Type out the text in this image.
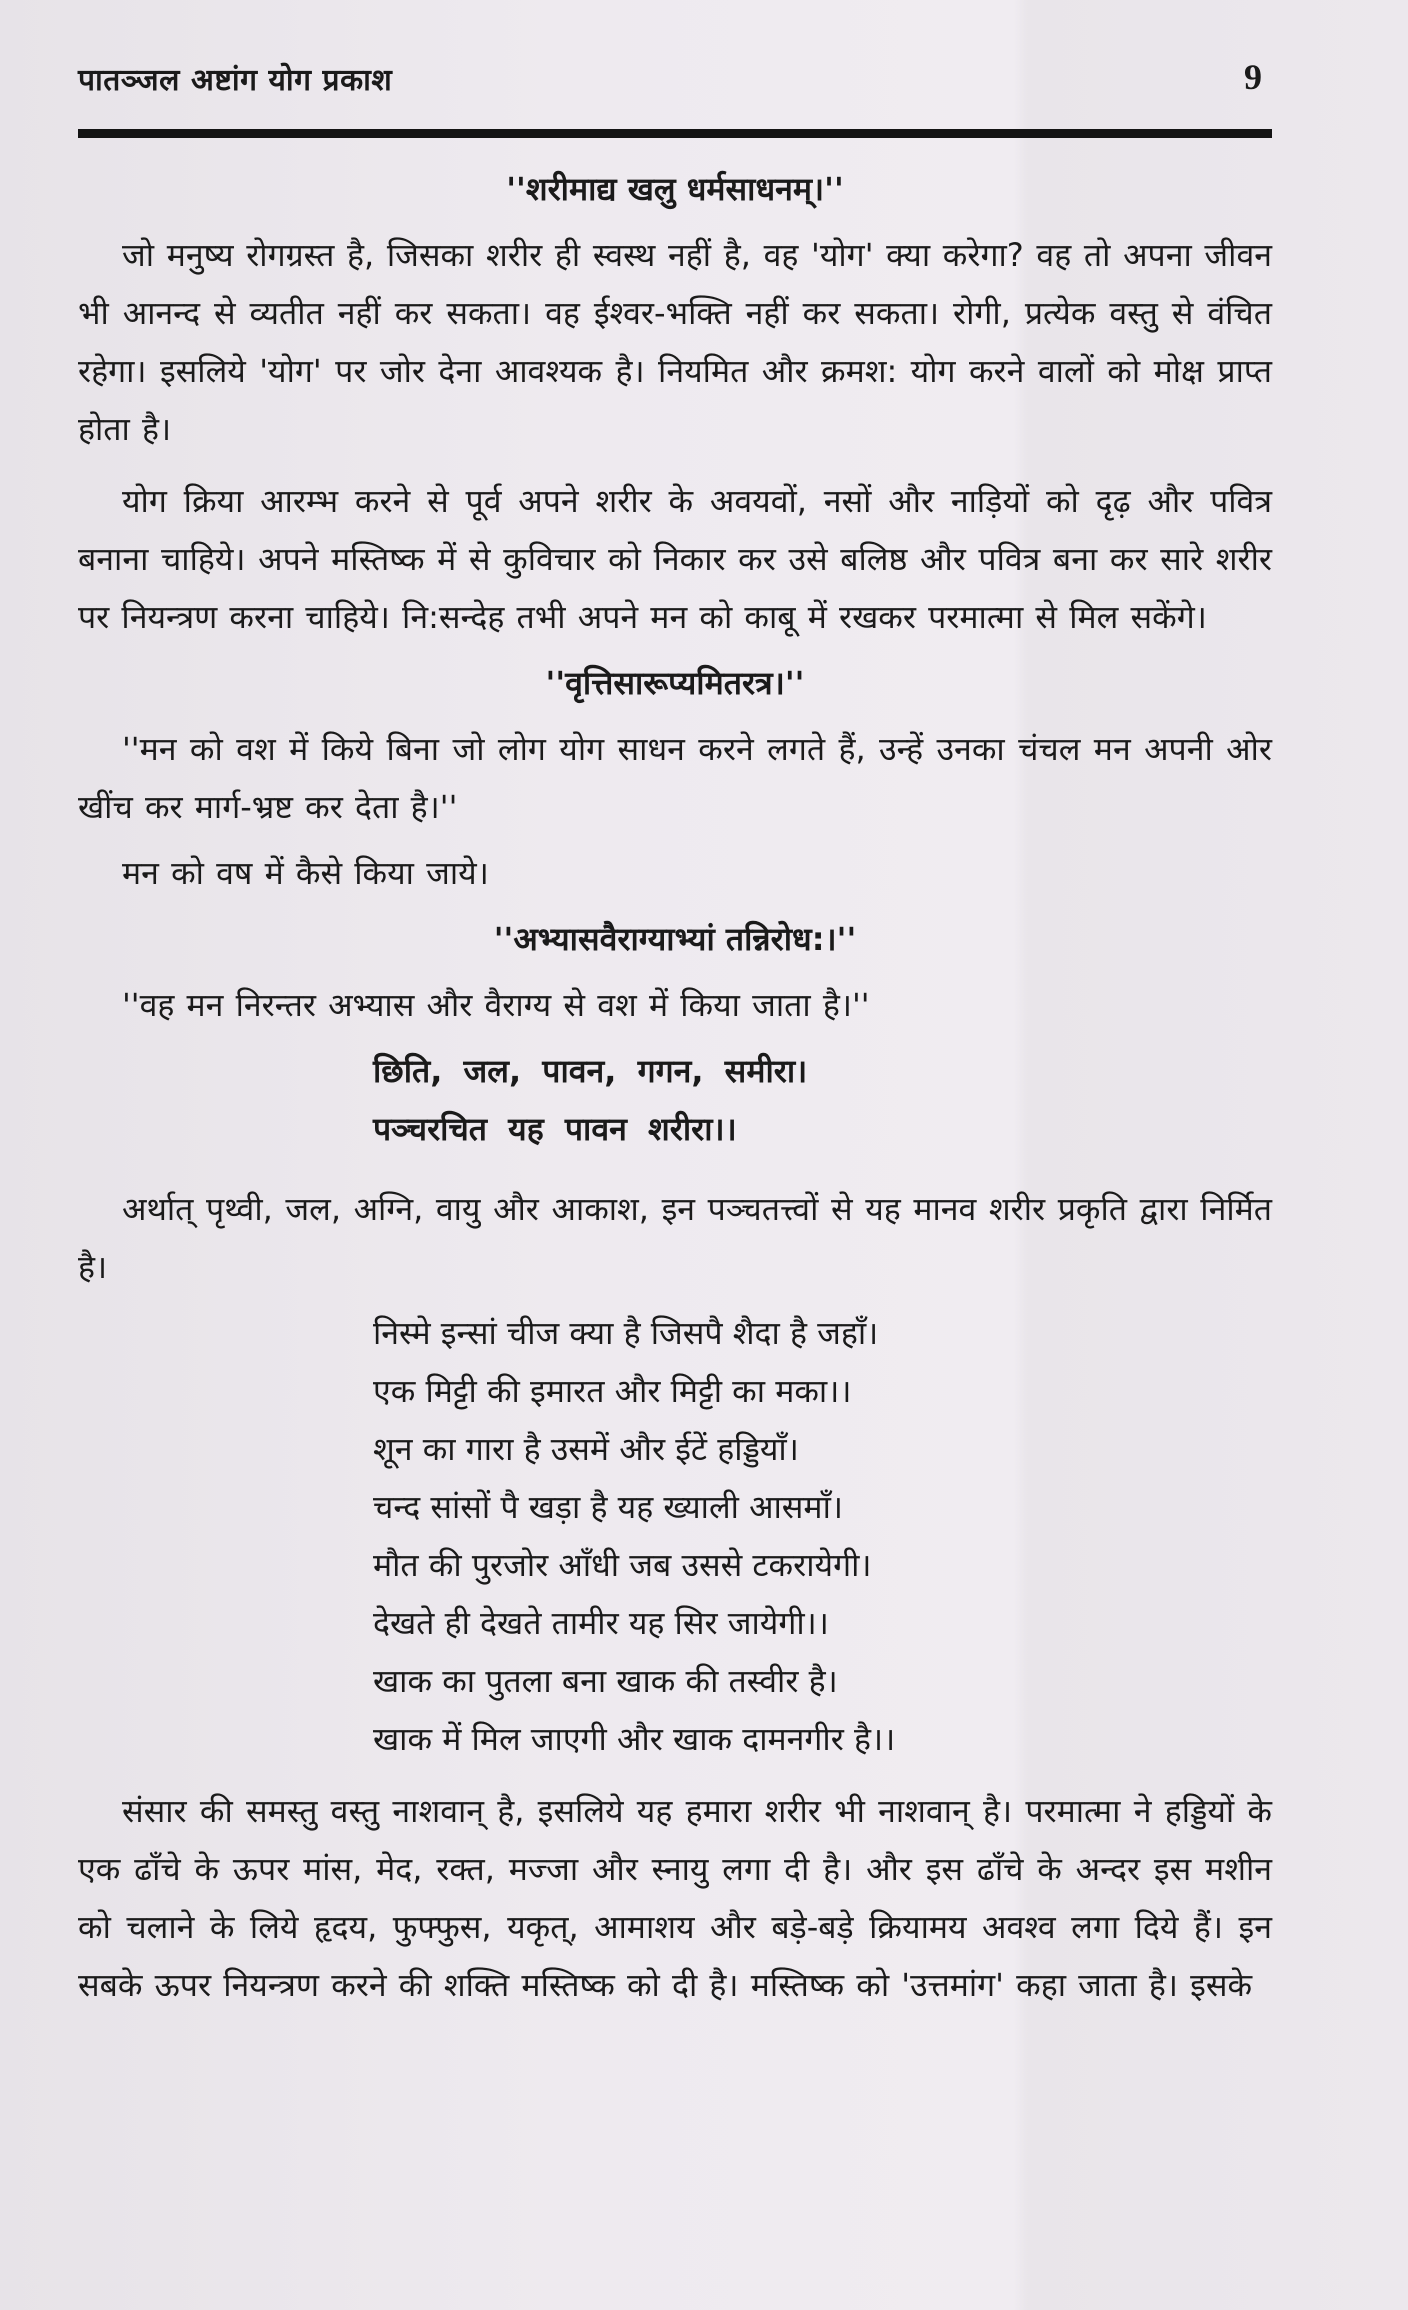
पातञ्जल अष्टांग योग प्रकाश	9

''शरीमाद्य खलु धर्मसाधनम्।''

जो मनुष्य रोगग्रस्त है, जिसका शरीर ही स्वस्थ नहीं है, वह 'योग' क्या करेगा? वह तो अपना जीवन भी आनन्द से व्यतीत नहीं कर सकता। वह ईश्वर-भक्ति नहीं कर सकता। रोगी, प्रत्येक वस्तु से वंचित रहेगा। इसलिये 'योग' पर जोर देना आवश्यक है। नियमित और क्रमश: योग करने वालों को मोक्ष प्राप्त होता है।

योग क्रिया आरम्भ करने से पूर्व अपने शरीर के अवयवों, नसों और नाड़ियों को दृढ़ और पवित्र बनाना चाहिये। अपने मस्तिष्क में से कुविचार को निकार कर उसे बलिष्ठ और पवित्र बना कर सारे शरीर पर नियन्त्रण करना चाहिये। नि:सन्देह तभी अपने मन को काबू में रखकर परमात्मा से मिल सकेंगे।

''वृत्तिसारूप्यमितरत्र।''

''मन को वश में किये बिना जो लोग योग साधन करने लगते हैं, उन्हें उनका चंचल मन अपनी ओर खींच कर मार्ग-भ्रष्ट कर देता है।''

मन को वष में कैसे किया जाये।

''अभ्यासवैराग्याभ्यां तन्निरोध:।''

''वह मन निरन्तर अभ्यास और वैराग्य से वश में किया जाता है।''

छिति, जल, पावन, गगन, समीरा।

पञ्चरचित यह पावन शरीरा।।

अर्थात् पृथ्वी, जल, अग्नि, वायु और आकाश, इन पञ्चतत्त्वों से यह मानव शरीर प्रकृति द्वारा निर्मित है।

निस्मे इन्सां चीज क्या है जिसपै शैदा है जहाँ।
एक मिट्टी की इमारत और मिट्टी का मका।।
शून का गारा है उसमें और ईटें हड्डियाँ।
चन्द सांसों पै खड़ा है यह ख्याली आसमाँ।
मौत की पुरजोर आँधी जब उससे टकरायेगी।
देखते ही देखते तामीर यह सिर जायेगी।।
खाक का पुतला बना खाक की तस्वीर है।
खाक में मिल जाएगी और खाक दामनगीर है।।

संसार की समस्तु वस्तु नाशवान् है, इसलिये यह हमारा शरीर भी नाशवान् है। परमात्मा ने हड्डियों के एक ढाँचे के ऊपर मांस, मेद, रक्त, मज्जा और स्नायु लगा दी है। और इस ढाँचे के अन्दर इस मशीन को चलाने के लिये हृदय, फुफ्फुस, यकृत्, आमाशय और बड़े-बड़े क्रियामय अवश्व लगा दिये हैं। इन सबके ऊपर नियन्त्रण करने की शक्ति मस्तिष्क को दी है। मस्तिष्क को 'उत्तमांग' कहा जाता है। इसके
